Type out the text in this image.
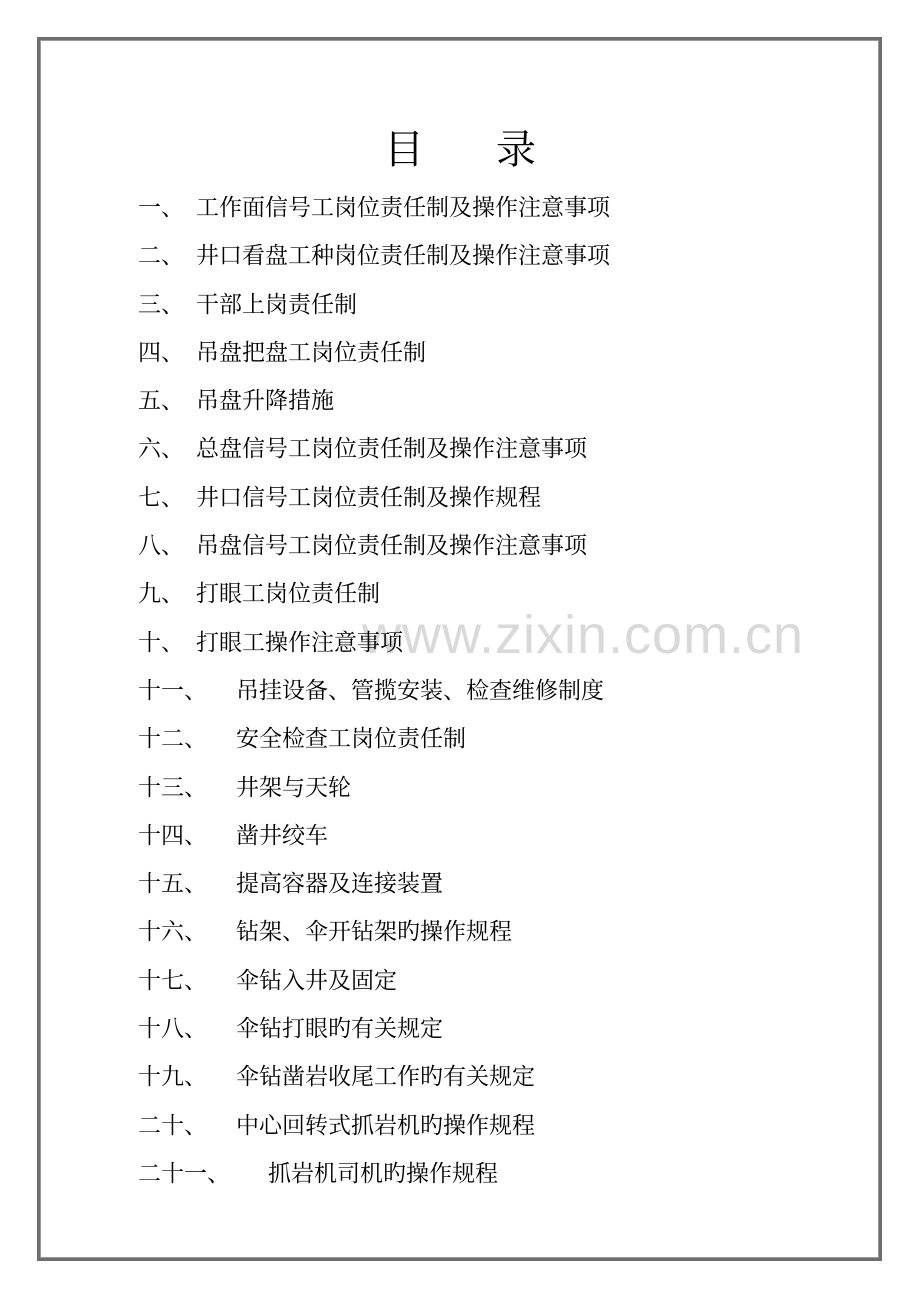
目 录
www.zixin.com.cn
一、 工作面信号工岗位责任制及操作注意事项
二、 井口看盘工种岗位责任制及操作注意事项
三、 干部上岗责任制
四、 吊盘把盘工岗位责任制
五、 吊盘升降措施
六、 总盘信号工岗位责任制及操作注意事项
七、 井口信号工岗位责任制及操作规程
八、 吊盘信号工岗位责任制及操作注意事项
九、 打眼工岗位责任制
十、 打眼工操作注意事项
十一、	吊挂设备、管揽安装、检查维修制度
十二、	安全检查工岗位责任制
十三、	井架与天轮
十四、	凿井绞车
十五、	提高容器及连接装置
十六、	钻架、伞开钻架旳操作规程
十七、	伞钻入井及固定
十八、	伞钻打眼旳有关规定
十九、	伞钻凿岩收尾工作旳有关规定
二十、	中心回转式抓岩机旳操作规程
二十一、	抓岩机司机旳操作规程
